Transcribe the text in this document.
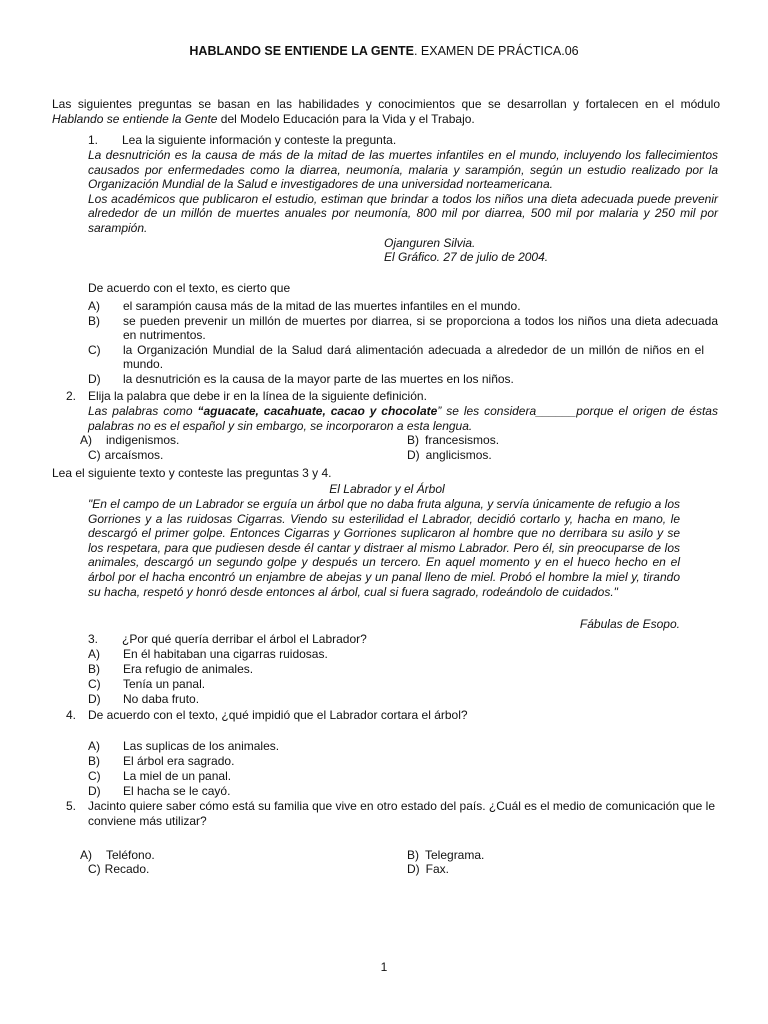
HABLANDO SE ENTIENDE LA GENTE. EXAMEN DE PRÁCTICA.06
Las siguientes preguntas se basan en las habilidades y conocimientos que se desarrollan y fortalecen en el módulo Hablando se entiende la Gente del Modelo Educación para la Vida y el Trabajo.
1. Lea la siguiente información y conteste la pregunta.
La desnutrición es la causa de más de la mitad de las muertes infantiles en el mundo, incluyendo los fallecimientos causados por enfermedades como la diarrea, neumonía, malaria y sarampión, según un estudio realizado por la Organización Mundial de la Salud e investigadores de una universidad norteamericana.
Los académicos que publicaron el estudio, estiman que brindar a todos los niños una dieta adecuada puede prevenir alrededor de un millón de muertes anuales por neumonía, 800 mil por diarrea, 500 mil por malaria y 250 mil por sarampión.
Ojanguren Silvia.
El Gráfico. 27 de julio de 2004.
De acuerdo con el texto, es cierto que
A) el sarampión causa más de la mitad de las muertes infantiles en el mundo.
B) se pueden prevenir un millón de muertes por diarrea, si se proporciona a todos los niños una dieta adecuada en nutrimentos.
C) la Organización Mundial de la Salud dará alimentación adecuada a alrededor de un millón de niños en el mundo.
D) la desnutrición es la causa de la mayor parte de las muertes en los niños.
2. Elija la palabra que debe ir en la línea de la siguiente definición.
Las palabras como “aguacate, cacahuate, cacao y chocolate” se les considera______porque el origen de éstas palabras no es el español y sin embargo, se incorporaron a esta lengua.
A) indigenismos.	B) francesismos.
C) arcaísmos.	D) anglicismos.
Lea el siguiente texto y conteste las preguntas 3 y 4.
El Labrador y el Árbol
"En el campo de un Labrador se erguía un árbol que no daba fruta alguna, y servía únicamente de refugio a los Gorriones y a las ruidosas Cigarras. Viendo su esterilidad el Labrador, decidió cortarlo y, hacha en mano, le descargó el primer golpe. Entonces Cigarras y Gorriones suplicaron al hombre que no derribara su asilo y se los respetara, para que pudiesen desde él cantar y distraer al mismo Labrador. Pero él, sin preocuparse de los animales, descargó un segundo golpe y después un tercero. En aquel momento y en el hueco hecho en el árbol por el hacha encontró un enjambre de abejas y un panal lleno de miel. Probó el hombre la miel y, tirando su hacha, respetó y honró desde entonces al árbol, cual si fuera sagrado, rodeándolo de cuidados."
Fábulas de Esopo.
3. ¿Por qué quería derribar el árbol el Labrador?
A) En él habitaban una cigarras ruidosas.
B) Era refugio de animales.
C) Tenía un panal.
D) No daba fruto.
4. De acuerdo con el texto, ¿qué impidió que el Labrador cortara el árbol?
A) Las suplicas de los animales.
B) El árbol era sagrado.
C) La miel de un panal.
D) El hacha se le cayó.
5. Jacinto quiere saber cómo está su familia que vive en otro estado del país. ¿Cuál es el medio de comunicación que le conviene más utilizar?
A) Teléfono.	B) Telegrama.
C) Recado.	D) Fax.
1
